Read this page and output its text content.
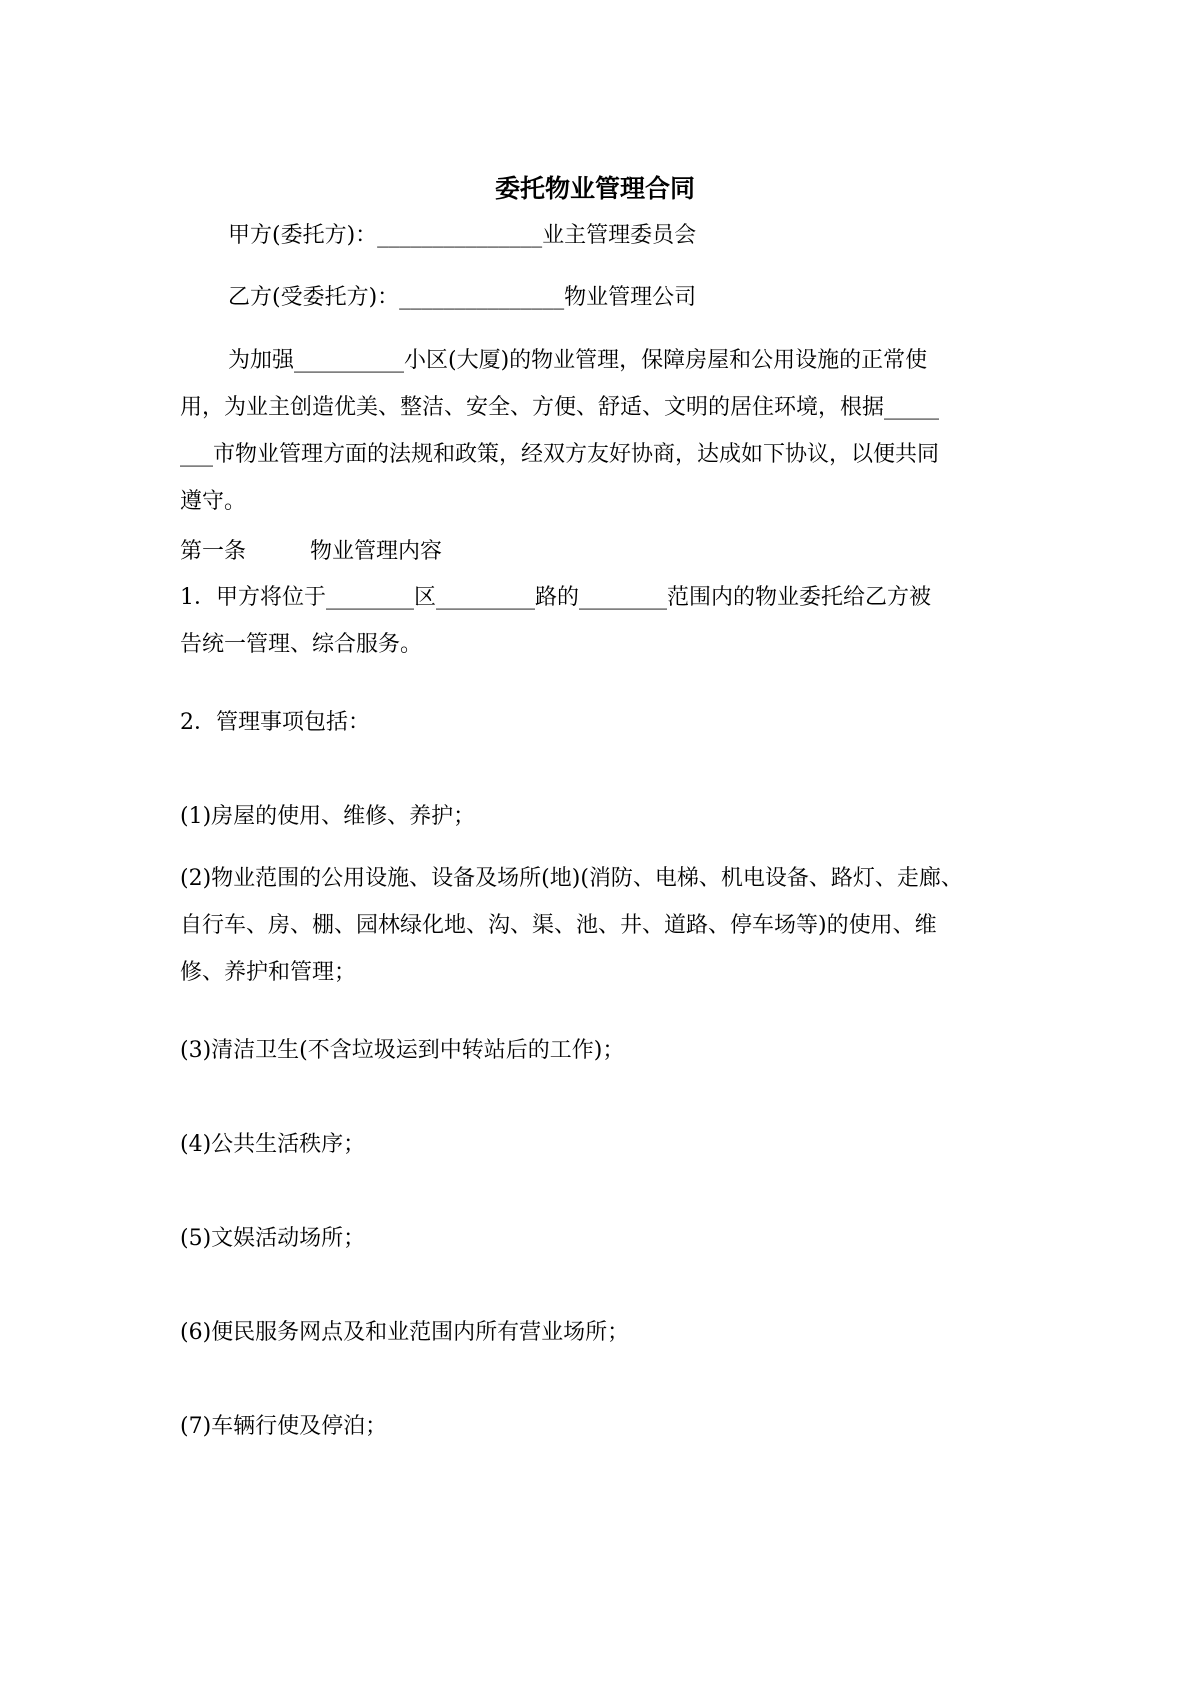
委托物业管理合同
甲方(委托方)：_______________业主管理委员会
乙方(受委托方)：_______________物业管理公司
为加强__________小区(大厦)的物业管理，保障房屋和公用设施的正常使
用，为业主创造优美、整洁、安全、方便、舒适、文明的居住环境，根据_____
___市物业管理方面的法规和政策，经双方友好协商，达成如下协议，以便共同
遵守。
第一条	物业管理内容
1．甲方将位于________区_________路的________范围内的物业委托给乙方被
告统一管理、综合服务。
2．管理事项包括：
(1)房屋的使用、维修、养护；
(2)物业范围的公用设施、设备及场所(地)(消防、电梯、机电设备、路灯、走廊、
自行车、房、棚、园林绿化地、沟、渠、池、井、道路、停车场等)的使用、维
修、养护和管理；
(3)清洁卫生(不含垃圾运到中转站后的工作)；
(4)公共生活秩序；
(5)文娱活动场所；
(6)便民服务网点及和业范围内所有营业场所；
(7)车辆行使及停泊；
